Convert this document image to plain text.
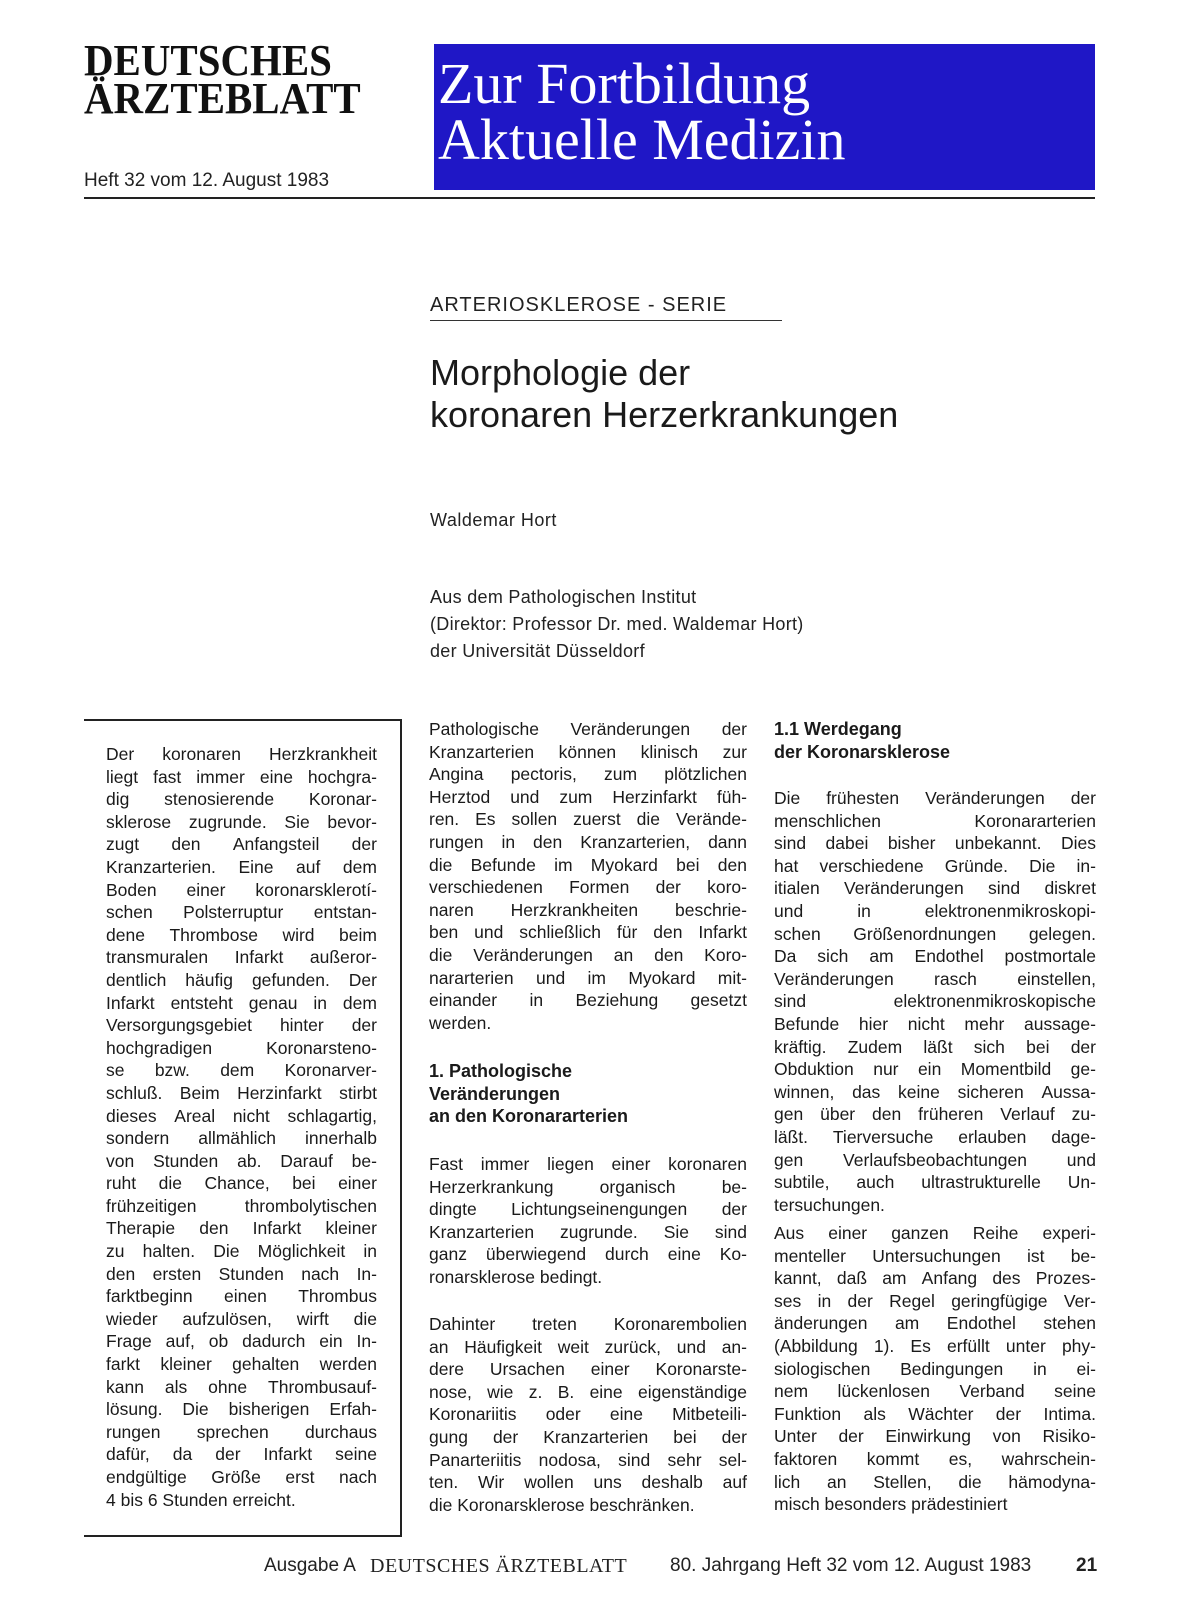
DEUTSCHES
ÄRZTEBLATT
Heft 32 vom 12. August 1983
Zur Fortbildung
Aktuelle Medizin
ARTERIOSKLEROSE - SERIE
Morphologie der
koronaren Herzerkrankungen
Waldemar Hort
Aus dem Pathologischen Institut
(Direktor: Professor Dr. med. Waldemar Hort)
der Universität Düsseldorf
Der koronaren Herzkrankheit
liegt fast immer eine hochgra-
dig stenosierende Koronar-
sklerose zugrunde. Sie bevor-
zugt den Anfangsteil der
Kranzarterien. Eine auf dem
Boden einer koronarsklerotí-
schen Polsterruptur entstan-
dene Thrombose wird beim
transmuralen Infarkt außeror-
dentlich häufig gefunden. Der
Infarkt entsteht genau in dem
Versorgungsgebiet hinter der
hochgradigen	Koronarsteno-
se bzw. dem Koronarver-
schluß. Beim Herzinfarkt stirbt
dieses Areal nicht schlagartig,
sondern allmählich innerhalb
von Stunden ab. Darauf be-
ruht die Chance, bei einer
frühzeitigen	thrombolytischen
Therapie den Infarkt kleiner
zu halten. Die Möglichkeit in
den ersten Stunden nach In-
farktbeginn einen Thrombus
wieder aufzulösen, wirft die
Frage auf, ob dadurch ein In-
farkt kleiner gehalten werden
kann als ohne Thrombusauf-
lösung. Die bisherigen Erfah-
rungen sprechen durchaus
dafür, da der Infarkt seine
endgültige Größe erst nach
4 bis 6 Stunden erreicht.
Pathologische Veränderungen der
Kranzarterien können klinisch zur
Angina pectoris, zum plötzlichen
Herztod und zum Herzinfarkt füh-
ren. Es sollen zuerst die Verände-
rungen in den Kranzarterien, dann
die Befunde im Myokard bei den
verschiedenen Formen der koro-
naren Herzkrankheiten beschrie-
ben und schließlich für den Infarkt
die Veränderungen an den Koro-
nararterien und im Myokard mit-
einander in Beziehung gesetzt
werden.
1. Pathologische
Veränderungen
an den Koronararterien
Fast immer liegen einer koronaren
Herzerkrankung	organisch	be-
dingte Lichtungseinengungen der
Kranzarterien zugrunde. Sie sind
ganz überwiegend durch eine Ko-
ronarsklerose bedingt.
Dahinter treten Koronarembolien
an Häufigkeit weit zurück, und an-
dere Ursachen einer Koronarste-
nose, wie z. B. eine eigenständige
Koronariitis oder eine Mitbeteili-
gung der Kranzarterien bei der
Panarteriitis nodosa, sind sehr sel-
ten. Wir wollen uns deshalb auf
die Koronarsklerose beschränken.
1.1 Werdegang
der Koronarsklerose
Die frühesten Veränderungen der
menschlichen	Koronararterien
sind dabei bisher unbekannt. Dies
hat verschiedene Gründe. Die in-
itialen Veränderungen sind diskret
und	in	elektronenmikroskopi-
schen Größenordnungen gelegen.
Da sich am Endothel postmortale
Veränderungen rasch einstellen,
sind	elektronenmikroskopische
Befunde hier nicht mehr aussage-
kräftig. Zudem läßt sich bei der
Obduktion nur ein Momentbild ge-
winnen, das keine sicheren Aussa-
gen über den früheren Verlauf zu-
läßt. Tierversuche erlauben dage-
gen Verlaufsbeobachtungen und
subtile, auch ultrastrukturelle Un-
tersuchungen.
Aus einer ganzen Reihe experi-
menteller Untersuchungen ist be-
kannt, daß am Anfang des Prozes-
ses in der Regel geringfügige Ver-
änderungen am Endothel stehen
(Abbildung 1). Es erfüllt unter phy-
siologischen Bedingungen in ei-
nem lückenlosen Verband seine
Funktion als Wächter der Intima.
Unter der Einwirkung von Risiko-
faktoren kommt es, wahrschein-
lich an Stellen, die hämodyna-
misch besonders prädestiniert
Ausgabe A DEUTSCHES ÄRZTEBLATT 80. Jahrgang Heft 32 vom 12. August 1983 21
